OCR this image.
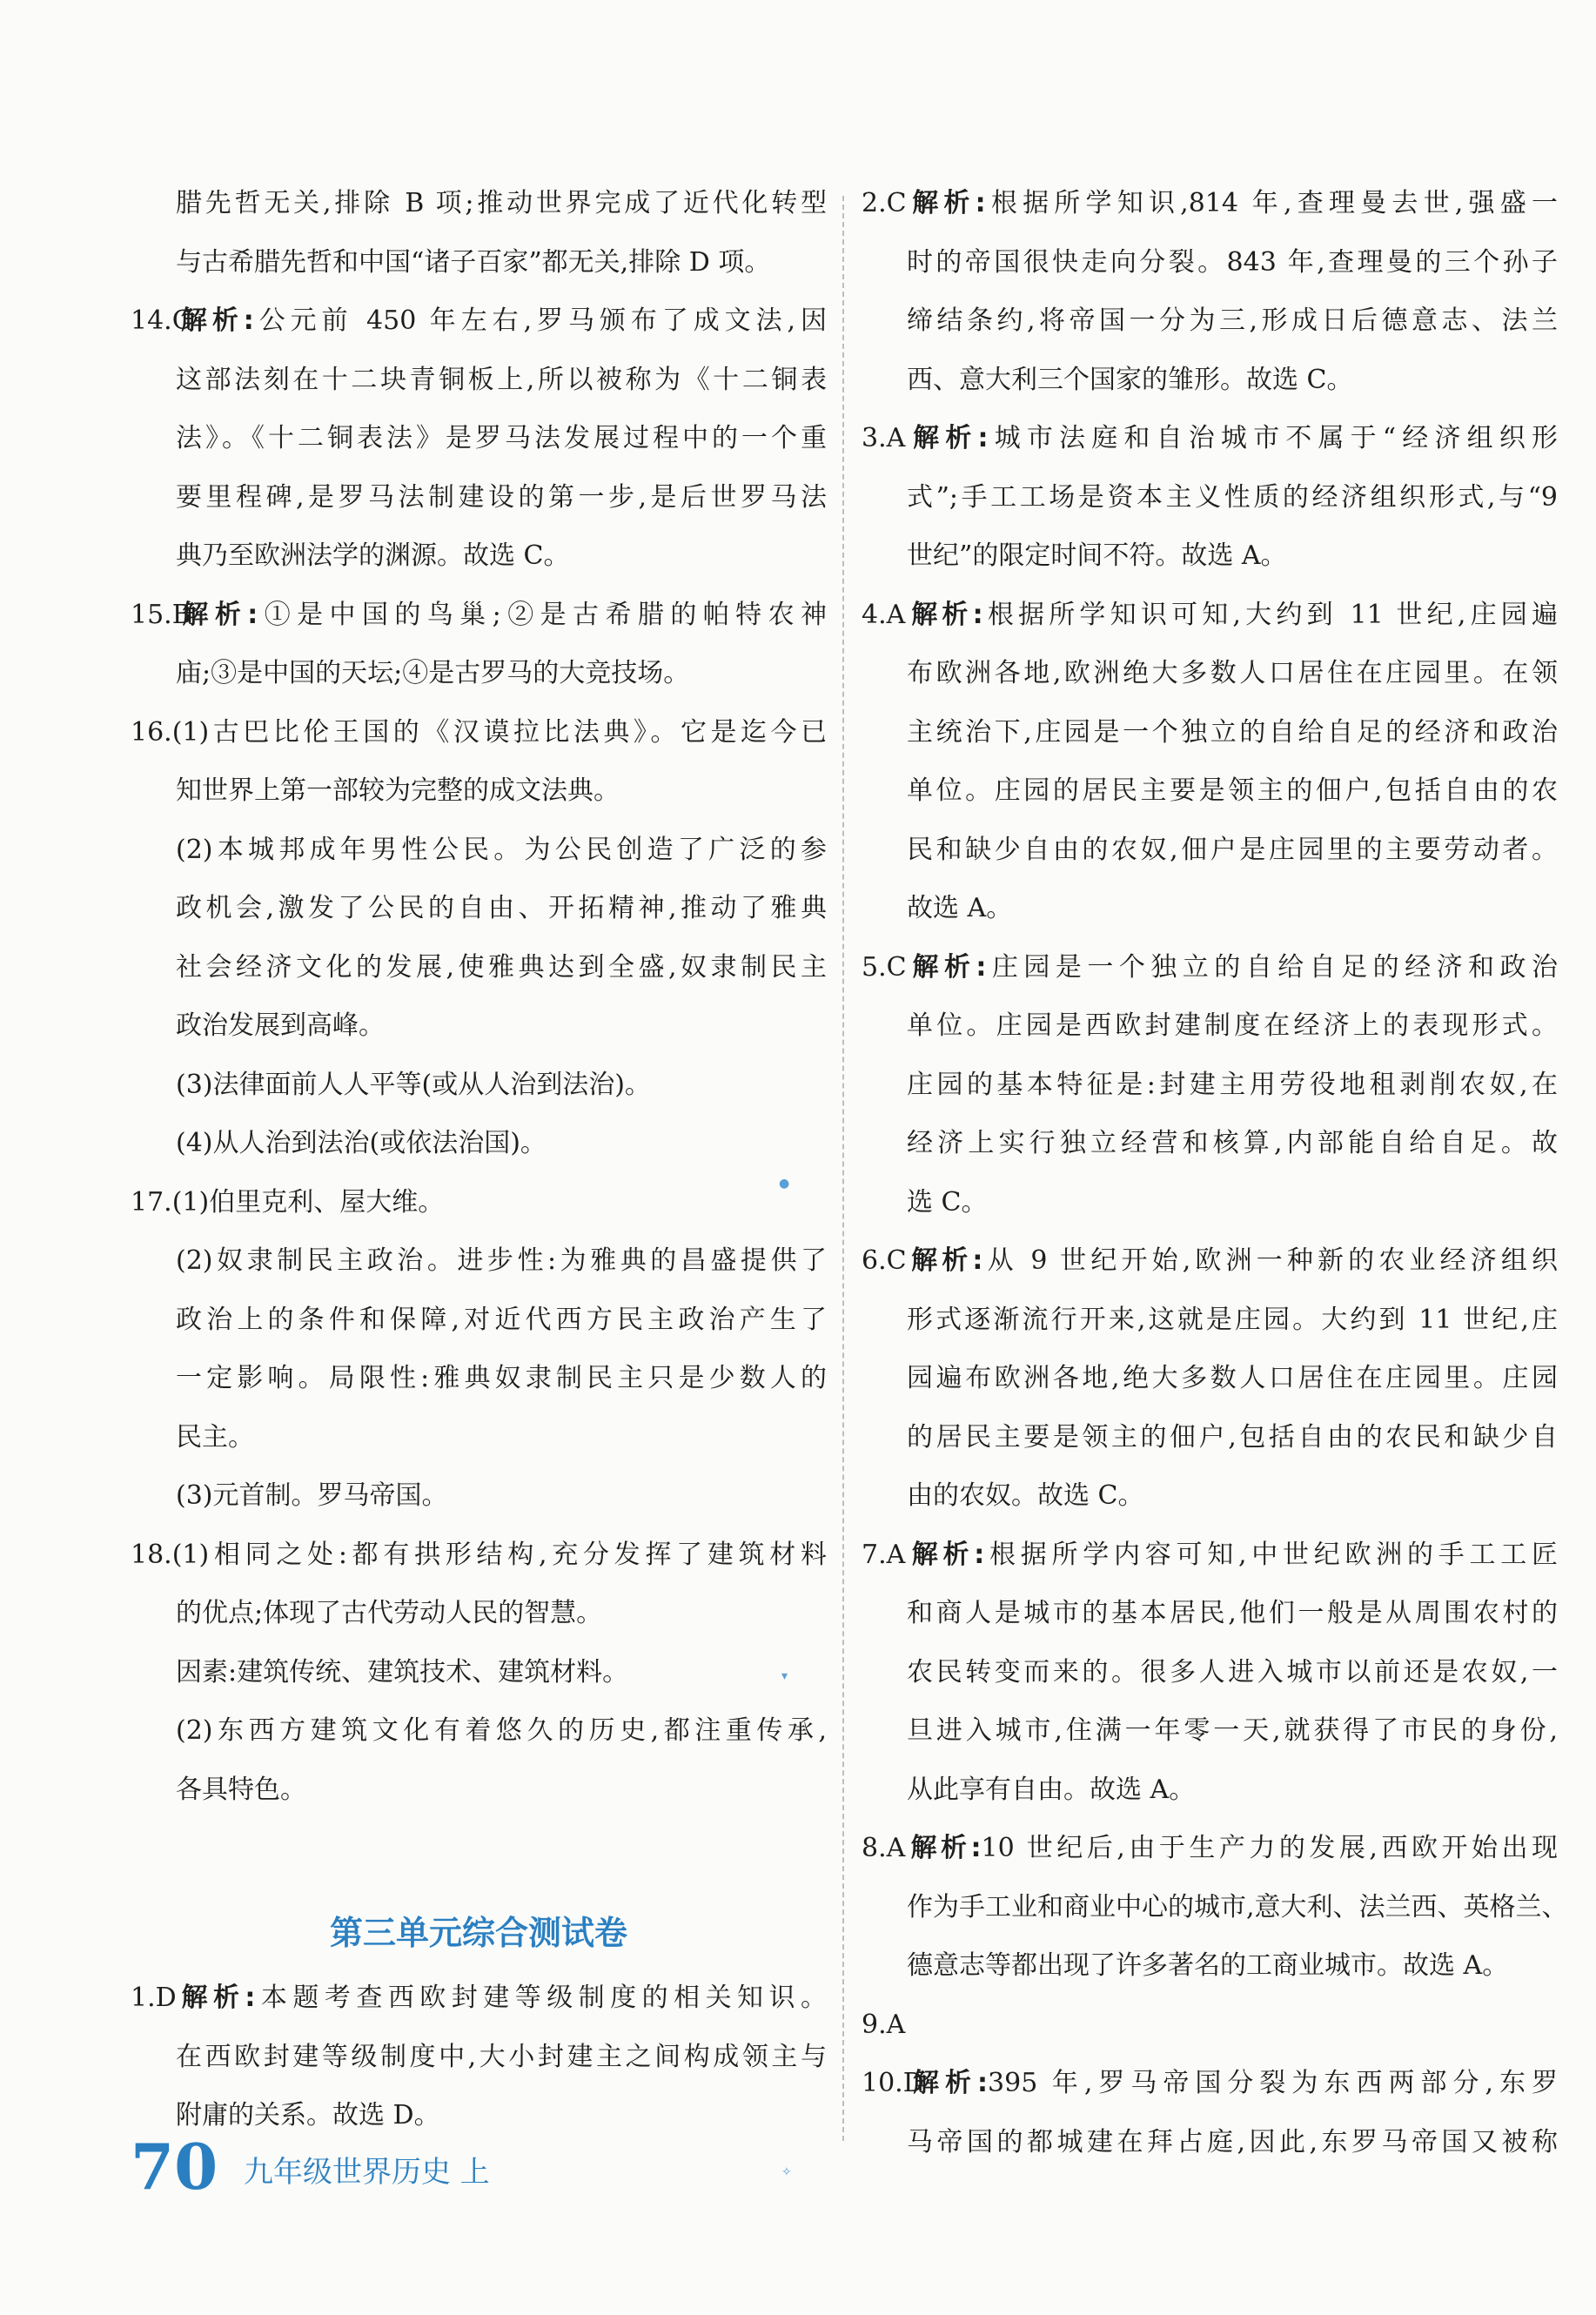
腊先哲无关,排除 B 项;推动世界完成了近代化转型
与古希腊先哲和中国“诸子百家”都无关,排除 D 项。
14.C解析:公元前 450 年左右,罗马颁布了成文法,因
这部法刻在十二块青铜板上,所以被称为《十二铜表
法》。《十二铜表法》是罗马法发展过程中的一个重
要里程碑,是罗马法制建设的第一步,是后世罗马法
典乃至欧洲法学的渊源。故选 C。
15.B解析:①是中国的鸟巢;②是古希腊的帕特农神
庙;③是中国的天坛;④是古罗马的大竞技场。
16.(1)古巴比伦王国的《汉谟拉比法典》。它是迄今已
知世界上第一部较为完整的成文法典。
(2)本城邦成年男性公民。为公民创造了广泛的参
政机会,激发了公民的自由、开拓精神,推动了雅典
社会经济文化的发展,使雅典达到全盛,奴隶制民主
政治发展到高峰。
(3)法律面前人人平等(或从人治到法治)。
(4)从人治到法治(或依法治国)。
17.(1)伯里克利、屋大维。
(2)奴隶制民主政治。进步性:为雅典的昌盛提供了
政治上的条件和保障,对近代西方民主政治产生了
一定影响。局限性:雅典奴隶制民主只是少数人的
民主。
(3)元首制。罗马帝国。
18.(1)相同之处:都有拱形结构,充分发挥了建筑材料
的优点;体现了古代劳动人民的智慧。
因素:建筑传统、建筑技术、建筑材料。
(2)东西方建筑文化有着悠久的历史,都注重传承,
各具特色。
第三单元综合测试卷
1.D解析:本题考查西欧封建等级制度的相关知识。
在西欧封建等级制度中,大小封建主之间构成领主与
附庸的关系。故选 D。
2.C解析:根据所学知识,814 年,查理曼去世,强盛一
时的帝国很快走向分裂。843 年,查理曼的三个孙子
缔结条约,将帝国一分为三,形成日后德意志、法兰
西、意大利三个国家的雏形。故选 C。
3.A解析:城市法庭和自治城市不属于“经济组织形
式”;手工工场是资本主义性质的经济组织形式,与“9
世纪”的限定时间不符。故选 A。
4.A解析:根据所学知识可知,大约到 11 世纪,庄园遍
布欧洲各地,欧洲绝大多数人口居住在庄园里。在领
主统治下,庄园是一个独立的自给自足的经济和政治
单位。庄园的居民主要是领主的佃户,包括自由的农
民和缺少自由的农奴,佃户是庄园里的主要劳动者。
故选 A。
5.C解析:庄园是一个独立的自给自足的经济和政治
单位。庄园是西欧封建制度在经济上的表现形式。
庄园的基本特征是:封建主用劳役地租剥削农奴,在
经济上实行独立经营和核算,内部能自给自足。故
选 C。
6.C解析:从 9 世纪开始,欧洲一种新的农业经济组织
形式逐渐流行开来,这就是庄园。大约到 11 世纪,庄
园遍布欧洲各地,绝大多数人口居住在庄园里。庄园
的居民主要是领主的佃户,包括自由的农民和缺少自
由的农奴。故选 C。
7.A解析:根据所学内容可知,中世纪欧洲的手工工匠
和商人是城市的基本居民,他们一般是从周围农村的
农民转变而来的。很多人进入城市以前还是农奴,一
旦进入城市,住满一年零一天,就获得了市民的身份,
从此享有自由。故选 A。
8.A解析:10 世纪后,由于生产力的发展,西欧开始出现
作为手工业和商业中心的城市,意大利、法兰西、英格兰、
德意志等都出现了许多著名的工商业城市。故选 A。
9.A
10.D解析:395 年,罗马帝国分裂为东西两部分,东罗
马帝国的都城建在拜占庭,因此,东罗马帝国又被称
70 九年级世界历史 上
●
▾
✧
